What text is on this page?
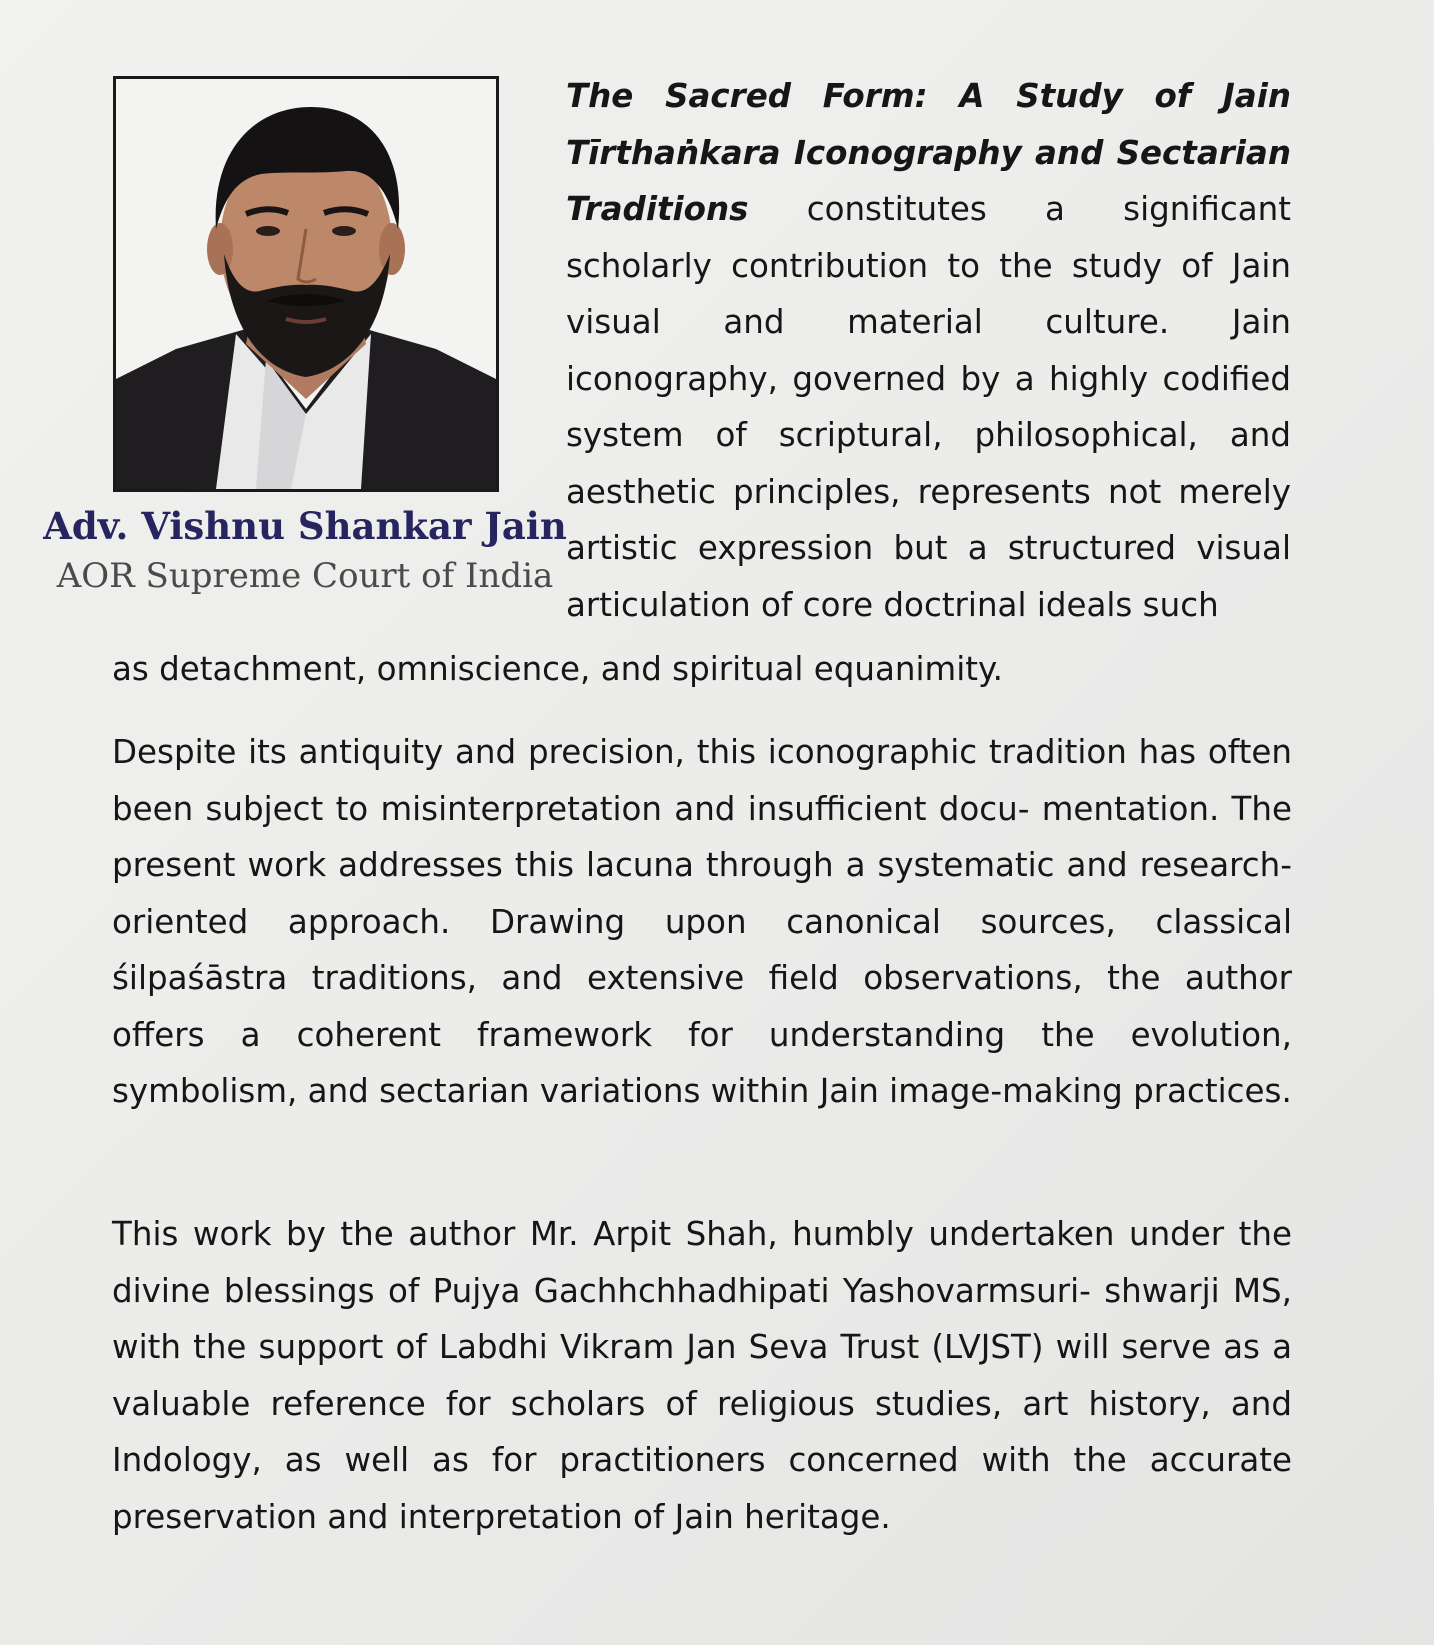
Adv. Vishnu Shankar Jain
AOR Supreme Court of India

The Sacred Form: A Study of Jain Tīrthaṅkara Iconography and Sectarian Traditions constitutes a significant scholarly contribution to the study of Jain visual and material culture. Jain iconography, governed by a highly codified system of scriptural, philosophical, and aesthetic principles, represents not merely artistic expression but a structured visual articulation of core doctrinal ideals such

as detachment, omniscience, and spiritual equanimity.

Despite its antiquity and precision, this iconographic tradition has often been subject to misinterpretation and insufficient docu- mentation. The present work addresses this lacuna through a systematic and research-oriented approach. Drawing upon canonical sources, classical śilpaśāstra traditions, and extensive field observations, the author offers a coherent framework for understanding the evolution, symbolism, and sectarian variations within Jain image-making practices.

This work by the author Mr. Arpit Shah, humbly undertaken under the divine blessings of Pujya Gachhchhadhipati Yashovarmsuri- shwarji MS, with the support of Labdhi Vikram Jan Seva Trust (LVJST) will serve as a valuable reference for scholars of religious studies, art history, and Indology, as well as for practitioners concerned with the accurate preservation and interpretation of Jain heritage.
